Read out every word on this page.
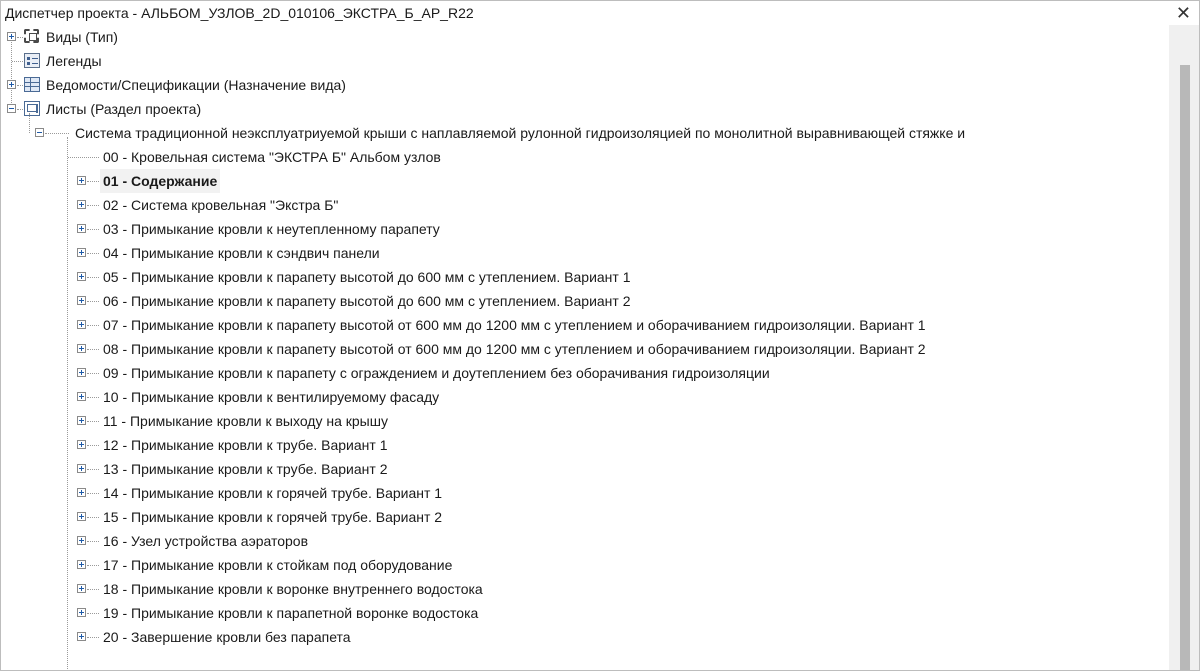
Диспетчер проекта - АЛЬБОМ_УЗЛОВ_2D_010106_ЭКСТРА_Б_АР_R22	✕
Виды (Тип)
Легенды
Ведомости/Спецификации (Назначение вида)
Листы (Раздел проекта)
Система традиционной неэксплуатриуемой крыши с наплавляемой рулонной гидроизоляцией по монолитной выравнивающей стяжке и
00 - Кровельная система "ЭКСТРА Б" Альбом узлов
01 - Содержание
02 - Система кровельная "Экстра Б"
03 - Примыкание кровли к неутепленному парапету
04 - Примыкание кровли к сэндвич панели
05 - Примыкание кровли к парапету высотой до 600 мм с утеплением. Вариант 1
06 - Примыкание кровли к парапету высотой до 600 мм с утеплением. Вариант 2
07 - Примыкание кровли к парапету высотой от 600 мм до 1200 мм с утеплением и оборачиванием гидроизоляции. Вариант 1
08 - Примыкание кровли к парапету высотой от 600 мм до 1200 мм с утеплением и оборачиванием гидроизоляции. Вариант 2
09 - Примыкание кровли к парапету с ограждением и доутеплением без оборачивания гидроизоляции
10 - Примыкание кровли к вентилируемому фасаду
11 - Примыкание кровли к выходу на крышу
12 - Примыкание кровли к трубе. Вариант 1
13 - Примыкание кровли к трубе. Вариант 2
14 - Примыкание кровли к горячей трубе. Вариант 1
15 - Примыкание кровли к горячей трубе. Вариант 2
16 - Узел устройства аэраторов
17 - Примыкание кровли к стойкам под оборудование
18 - Примыкание кровли к воронке внутреннего водостока
19 - Примыкание кровли к парапетной воронке водостока
20 - Завершение кровли без парапета
